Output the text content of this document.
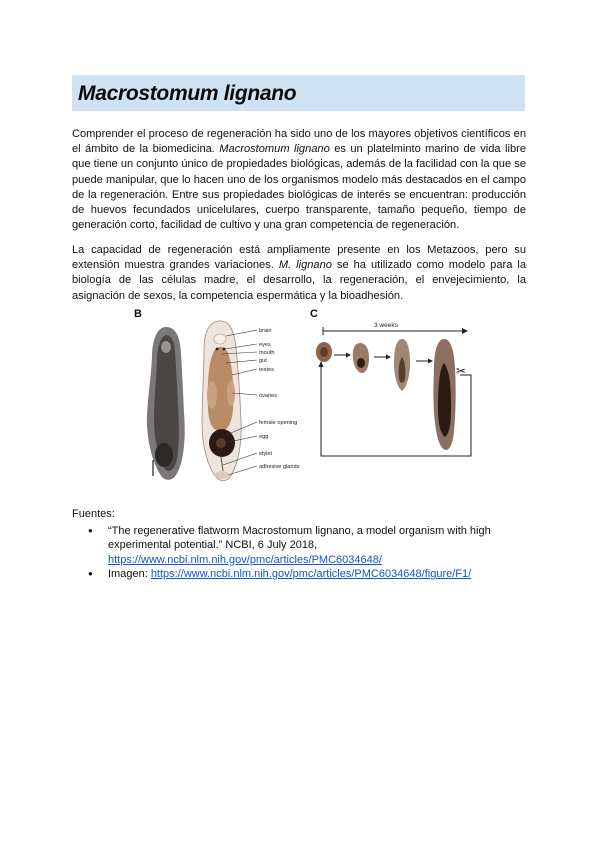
Macrostomum lignano

Comprender el proceso de regeneración ha sido uno de los mayores objetivos científicos en el ámbito de la biomedicina. Macrostomum lignano es un platelminto marino de vida libre que tiene un conjunto único de propiedades biológicas, además de la facilidad con la que se puede manipular, que lo hacen uno de los organismos modelo más destacados en el campo de la regeneración. Entre sus propiedades biológicas de interés se encuentran: producción de huevos fecundados unicelulares, cuerpo transparente, tamaño pequeño, tiempo de generación corto, facilidad de cultivo y una gran competencia de regeneración.

La capacidad de regeneración está ampliamente presente en los Metazoos, pero su extensión muestra grandes variaciones. M. lignano se ha utilizado como modelo para la biología de las células madre, el desarrollo, la regeneración, el envejecimiento, la asignación de sexos, la competencia espermática y la bioadhesión.

B
brain
eyes
mouth
gut
testes
ovaries
female opening
egg
stylet
adhesive glands
C
3 weeks
✂

Fuentes:

● “The regenerative flatworm Macrostomum lignano, a model organism with high experimental potential.” NCBI, 6 July 2018,
https://www.ncbi.nlm.nih.gov/pmc/articles/PMC6034648/
● Imagen: https://www.ncbi.nlm.nih.gov/pmc/articles/PMC6034648/figure/F1/
